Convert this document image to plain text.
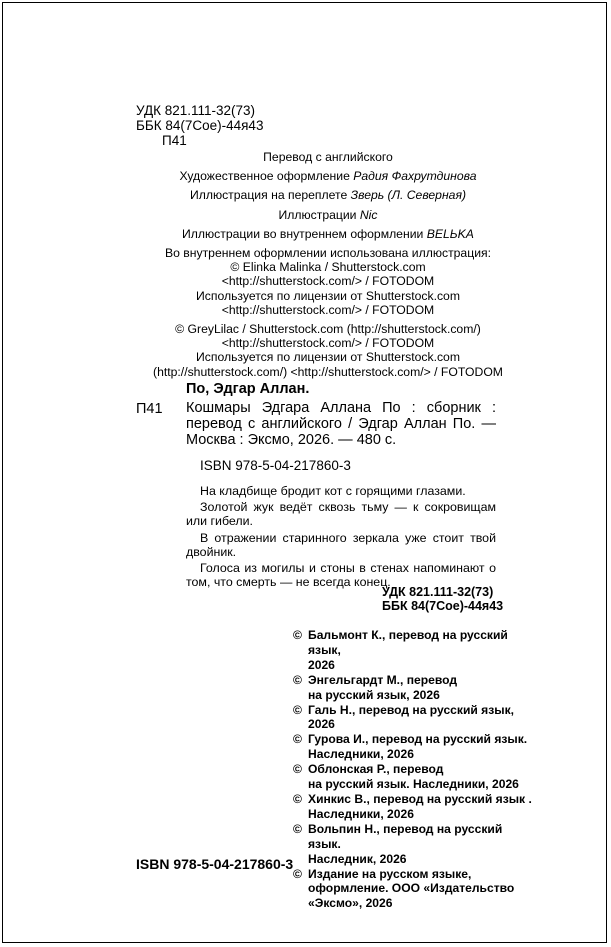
УДК 821.111-32(73)
ББК 84(7Сое)-44я43
П41
Перевод с английского
Художественное оформление Радия Фахрутдинова
Иллюстрация на переплете Зверь (Л. Северная)
Иллюстрации Nic
Иллюстрации во внутреннем оформлении BELЬKA
Во внутреннем оформлении использована иллюстрация:
© Elinka Malinka / Shutterstock.com
<http://shutterstock.com/> / FOTODOM
Используется по лицензии от Shutterstock.com
<http://shutterstock.com/> / FOTODOM
© GreyLilac / Shutterstock.com (http://shutterstock.com/)
<http://shutterstock.com/> / FOTODOM
Используется по лицензии от Shutterstock.com
(http://shutterstock.com/) <http://shutterstock.com/> / FOTODOM
По, Эдгар Аллан.
П41 Кошмары Эдгара Аллана По : сборник : перевод с английского / Эдгар Аллан По. — Москва : Эксмо, 2026. — 480 с.
ISBN 978-5-04-217860-3

На кладбище бродит кот с горящими глазами.

Золотой жук ведёт сквозь тьму — к сокровищам или гибели.

В отражении старинного зеркала уже стоит твой двойник.

Голоса из могилы и стоны в стенах напоминают о том, что смерть — не всегда конец.

УДК 821.111-32(73)
ББК 84(7Сое)-44я43
© Бальмонт К., перевод на русский язык,
2026
© Энгельгардт М., перевод
на русский язык, 2026
© Галь Н., перевод на русский язык, 2026
© Гурова И., перевод на русский язык.
Наследники, 2026
© Облонская Р., перевод
на русский язык. Наследники, 2026
© Хинкис В., перевод на русский язык .
Наследники, 2026
© Вольпин Н., перевод на русский язык.
Наследник, 2026
© Издание на русском языке,
оформление. ООО «Издательство
«Эксмо», 2026
ISBN 978-5-04-217860-3
